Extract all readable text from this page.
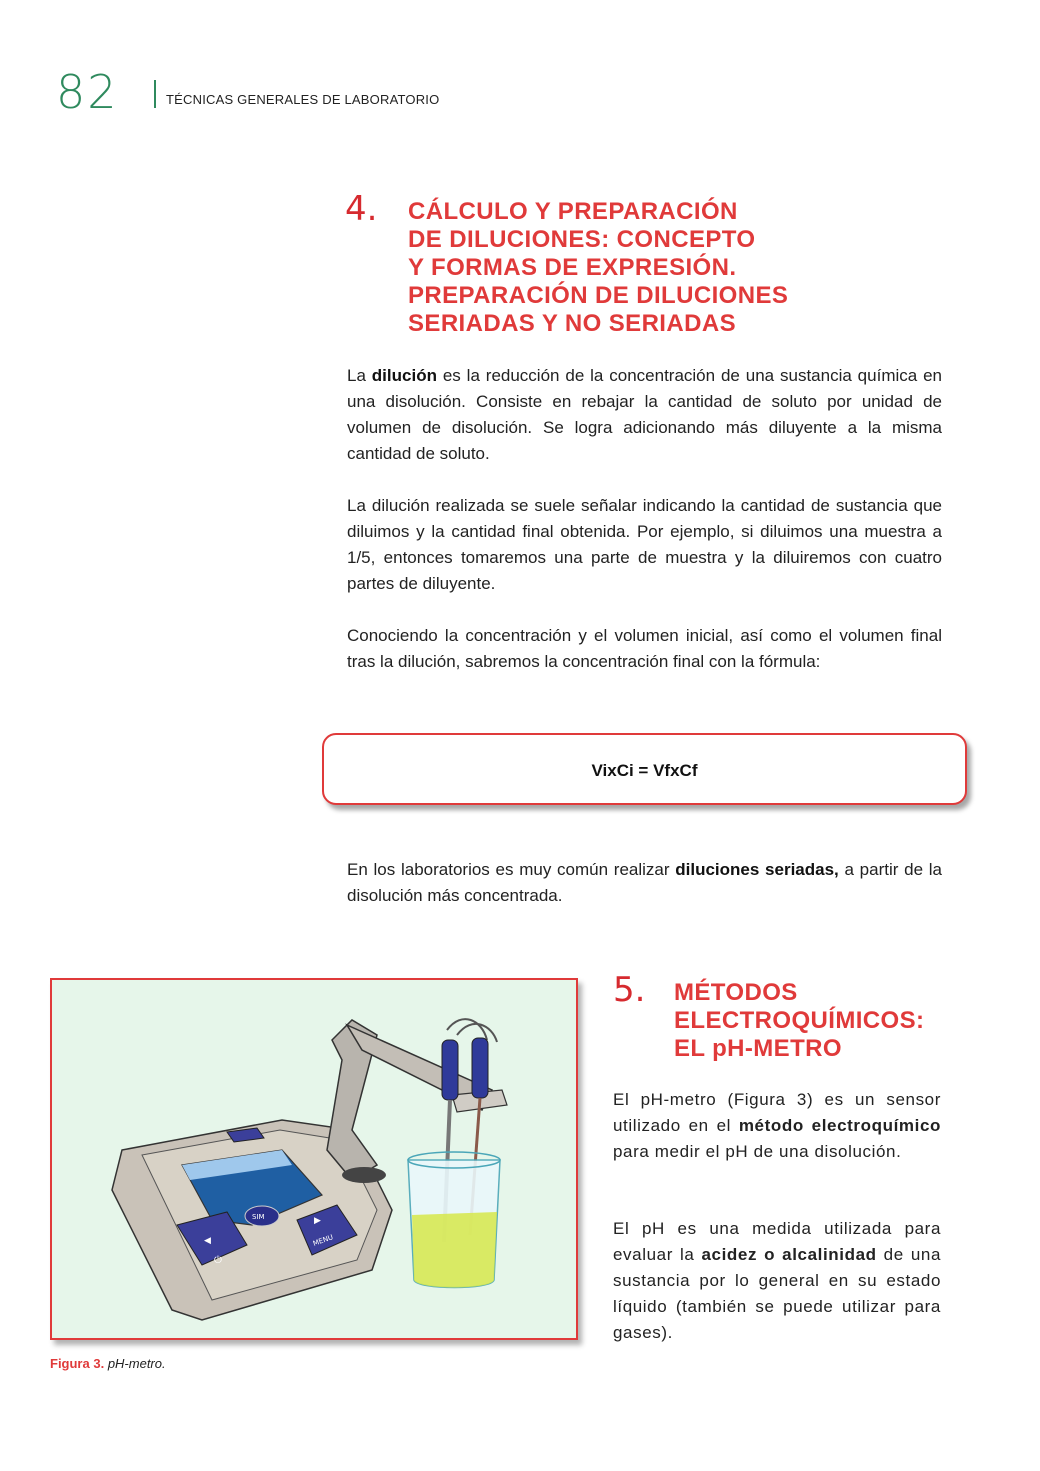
82	TÉCNICAS GENERALES DE LABORATORIO
4. CÁLCULO Y PREPARACIÓN
DE DILUCIONES: CONCEPTO
Y FORMAS DE EXPRESIÓN.
PREPARACIÓN DE DILUCIONES
SERIADAS Y NO SERIADAS
La dilución es la reducción de la concentración de una sustancia química en una disolución. Consiste en rebajar la cantidad de soluto por unidad de volumen de disolución. Se logra adicionando más diluyente a la misma cantidad de soluto.
La dilución realizada se suele señalar indicando la cantidad de sustancia que diluimos y la cantidad final obtenida. Por ejemplo, si diluimos una muestra a 1/5, entonces tomaremos una parte de muestra y la diluiremos con cuatro partes de diluyente.
Conociendo la concentración y el volumen inicial, así como el volumen final tras la dilución, sabremos la concentración final con la fórmula:
VixCi = VfxCf
En los laboratorios es muy común realizar diluciones seriadas, a partir de la disolución más concentrada.
◀
⏻
▶
MENU
SIM
Figura 3. pH-metro.
5. MÉTODOS
ELECTROQUÍMICOS:
EL pH-METRO
El pH-metro (Figura 3) es un sensor utilizado en el método electroquímico para medir el pH de una disolución.
El pH es una medida utilizada para evaluar la acidez o alcalinidad de una sustancia por lo general en su estado líquido (también se puede utilizar para gases).
